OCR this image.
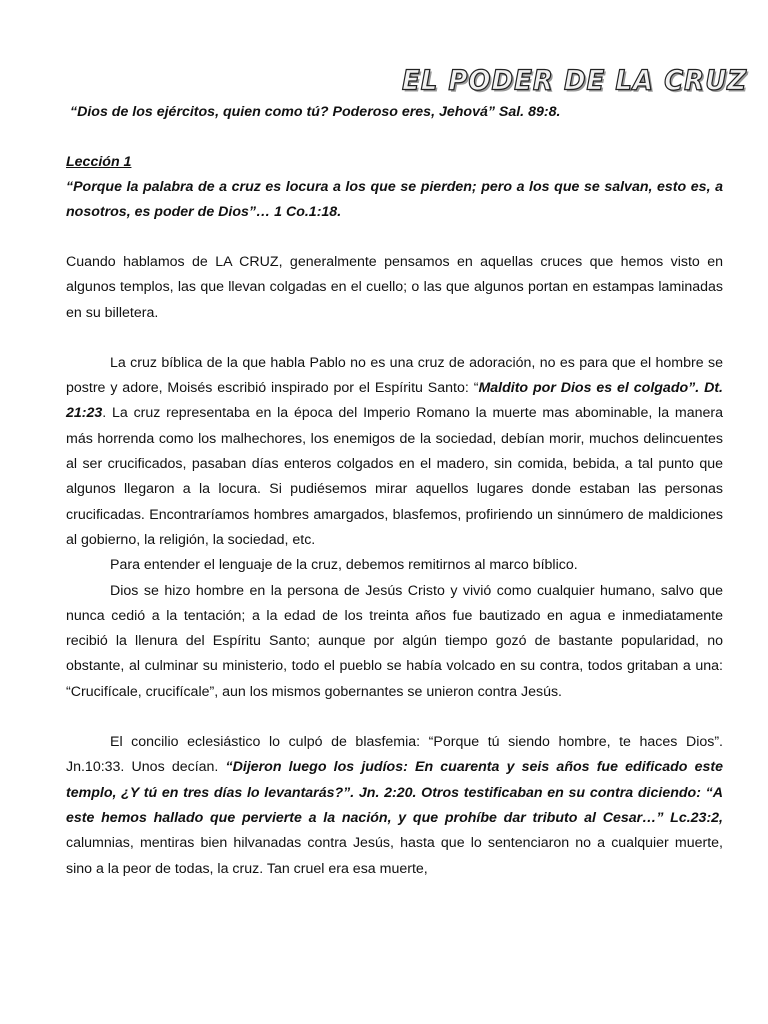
EL PODER DE LA CRUZ
“Dios de los ejércitos, quien como tú? Poderoso eres, Jehová” Sal. 89:8.
Lección 1
“Porque la palabra de a cruz es locura a los que se pierden; pero a los que se salvan, esto es, a nosotros, es poder de Dios”… 1 Co.1:18.

Cuando hablamos de LA CRUZ, generalmente pensamos en aquellas cruces que hemos visto en algunos templos, las que llevan colgadas en el cuello; o las que algunos portan en estampas laminadas en su billetera.

La cruz bíblica de la que habla Pablo no es una cruz de adoración, no es para que el hombre se postre y adore, Moisés escribió inspirado por el Espíritu Santo: “Maldito por Dios es el colgado”. Dt. 21:23. La cruz representaba en la época del Imperio Romano la muerte mas abominable, la manera más horrenda como los malhechores, los enemigos de la sociedad, debían morir, muchos delincuentes al ser crucificados, pasaban días enteros colgados en el madero, sin comida, bebida, a tal punto que algunos llegaron a la locura. Si pudiésemos mirar aquellos lugares donde estaban las personas crucificadas. Encontraríamos hombres amargados, blasfemos, profiriendo un sinnúmero de maldiciones al gobierno, la religión, la sociedad, etc.

Para entender el lenguaje de la cruz, debemos remitirnos al marco bíblico.

Dios se hizo hombre en la persona de Jesús Cristo y vivió como cualquier humano, salvo que nunca cedió a la tentación; a la edad de los treinta años fue bautizado en agua e inmediatamente recibió la llenura del Espíritu Santo; aunque por algún tiempo gozó de bastante popularidad, no obstante, al culminar su ministerio, todo el pueblo se había volcado en su contra, todos gritaban a una: “Crucifícale, crucifícale”, aun los mismos gobernantes se unieron contra Jesús.

El concilio eclesiástico lo culpó de blasfemia: “Porque tú siendo hombre, te haces Dios”. Jn.10:33. Unos decían. “Dijeron luego los judíos: En cuarenta y seis años fue edificado este templo, ¿Y tú en tres días lo levantarás?”. Jn. 2:20. Otros testificaban en su contra diciendo: “A este hemos hallado que pervierte a la nación, y que prohíbe dar tributo al Cesar…” Lc.23:2, calumnias, mentiras bien hilvanadas contra Jesús, hasta que lo sentenciaron no a cualquier muerte, sino a la peor de todas, la cruz. Tan cruel era esa muerte,
